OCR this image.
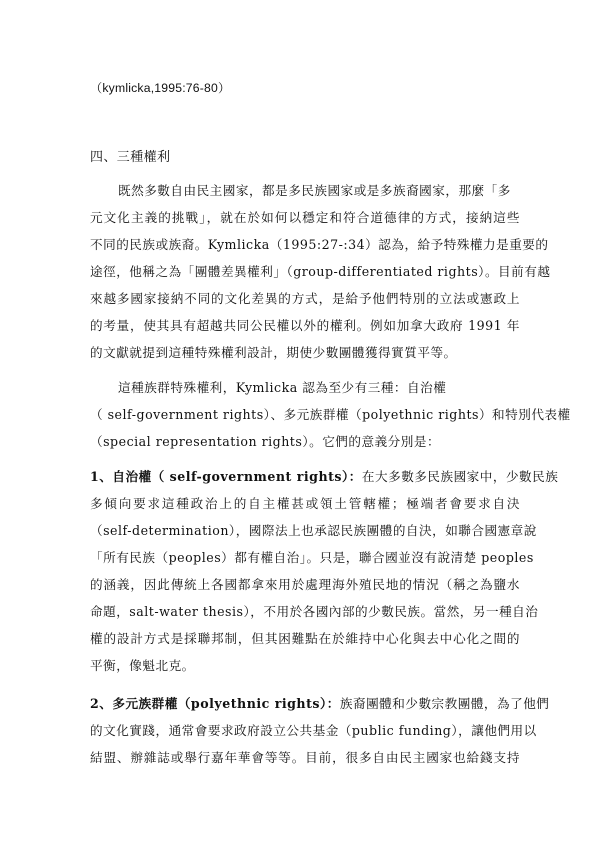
（kymlicka,1995:76-80）
四、三種權利
既然多數自由民主國家，都是多民族國家或是多族裔國家，那麼「多
元文化主義的挑戰」，就在於如何以穩定和符合道德律的方式，接納這些
不同的民族或族裔。Kymlicka（1995:27-:34）認為，給予特殊權力是重要的
途徑，他稱之為「團體差異權利」（group-differentiated rights）。目前有越
來越多國家接納不同的文化差異的方式，是給予他們特別的立法或憲政上
的考量，使其具有超越共同公民權以外的權利。例如加拿大政府 1991 年
的文獻就提到這種特殊權利設計，期使少數團體獲得實質平等。
這種族群特殊權利，Kymlicka 認為至少有三種：自治權
（ self-government rights）、多元族群權（polyethnic rights）和特別代表權
（special representation rights）。它們的意義分別是：
1、自治權（ self-government rights）：在大多數多民族國家中，少數民族
多傾向要求這種政治上的自主權甚或領土管轄權；極端者會要求自決
（self-determination），國際法上也承認民族團體的自決，如聯合國憲章說
「所有民族（peoples）都有權自治」。只是，聯合國並沒有說清楚 peoples
的涵義，因此傳統上各國都拿來用於處理海外殖民地的情況（稱之為鹽水
命題，salt-water thesis），不用於各國內部的少數民族。當然，另一種自治
權的設計方式是採聯邦制，但其困難點在於維持中心化與去中心化之間的
平衡，像魁北克。
2、多元族群權（polyethnic rights）：族裔團體和少數宗教團體，為了他們
的文化實踐，通常會要求政府設立公共基金（public funding），讓他們用以
結盟、辦雜誌或舉行嘉年華會等等。目前，很多自由民主國家也給錢支持
